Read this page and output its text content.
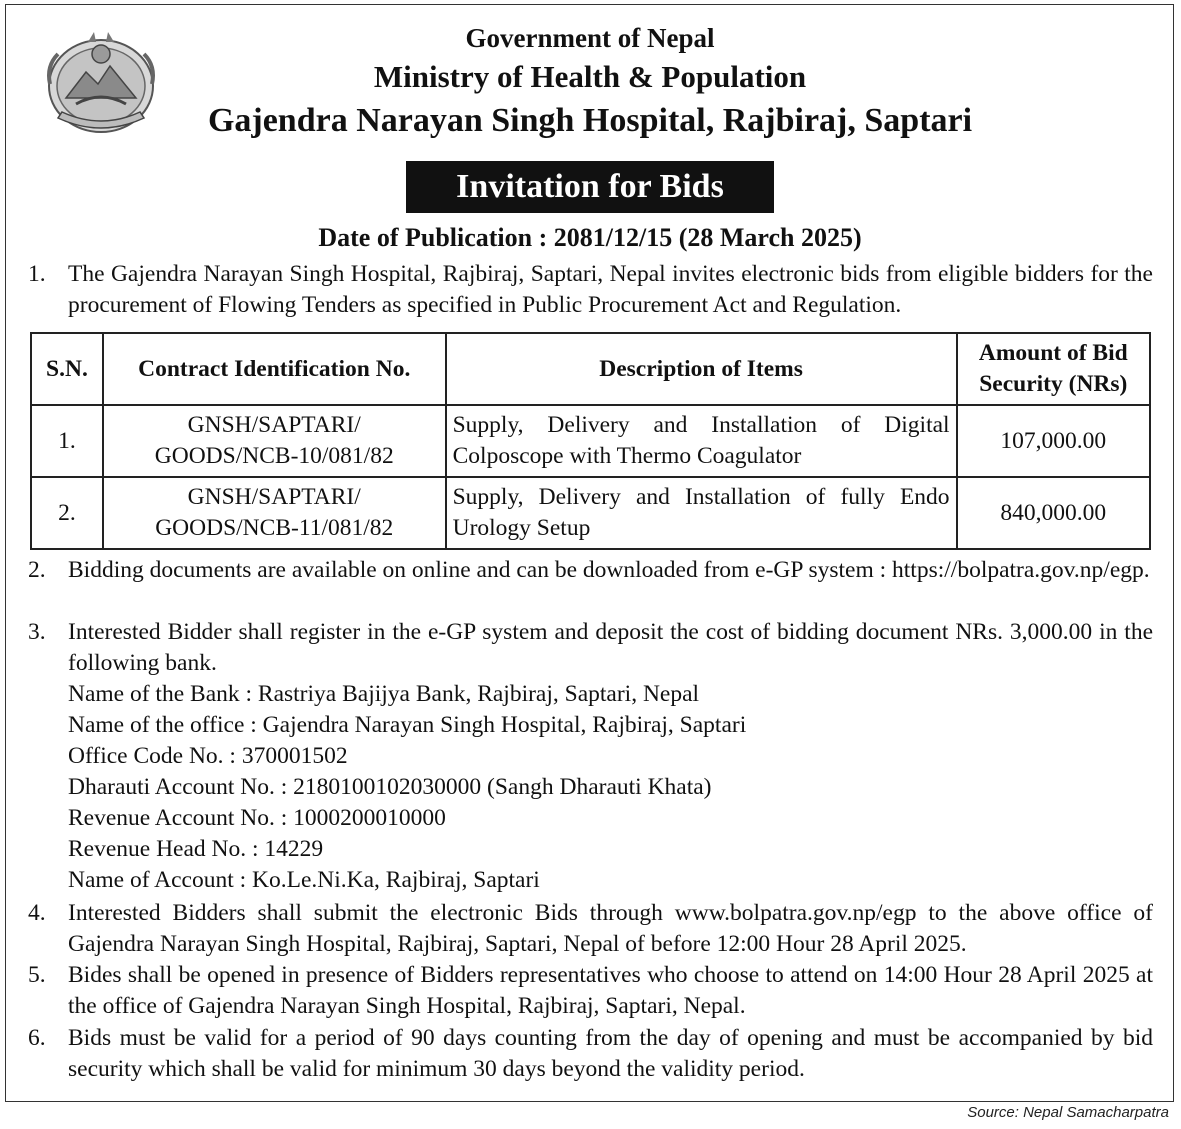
Government of Nepal
Ministry of Health & Population
Gajendra Narayan Singh Hospital, Rajbiraj, Saptari
Invitation for Bids
Date of Publication : 2081/12/15 (28 March 2025)
1. The Gajendra Narayan Singh Hospital, Rajbiraj, Saptari, Nepal invites electronic bids from eligible bidders for the procurement of Flowing Tenders as specified in Public Procurement Act and Regulation.
S.N.	Contract Identification No.	Description of Items	Amount of Bid
Security (NRs)
1.	GNSH/SAPTARI/
GOODS/NCB-10/081/82	Supply, Delivery and Installation of Digital Colposcope with Thermo Coagulator	107,000.00
2.	GNSH/SAPTARI/
GOODS/NCB-11/081/82	Supply, Delivery and Installation of fully Endo Urology Setup	840,000.00
2. Bidding documents are available on online and can be downloaded from e-GP system : https://bolpatra.gov.np/egp.
3. Interested Bidder shall register in the e-GP system and deposit the cost of bidding document NRs. 3,000.00 in the following bank.
Name of the Bank : Rastriya Bajijya Bank, Rajbiraj, Saptari, Nepal
Name of the office : Gajendra Narayan Singh Hospital, Rajbiraj, Saptari
Office Code No. : 370001502
Dharauti Account No. : 2180100102030000 (Sangh Dharauti Khata)
Revenue Account No. : 1000200010000
Revenue Head No. : 14229
Name of Account : Ko.Le.Ni.Ka, Rajbiraj, Saptari
4. Interested Bidders shall submit the electronic Bids through www.bolpatra.gov.np/egp to the above office of Gajendra Narayan Singh Hospital, Rajbiraj, Saptari, Nepal of before 12:00 Hour 28 April 2025.
5. Bides shall be opened in presence of Bidders representatives who choose to attend on 14:00 Hour 28 April 2025 at the office of Gajendra Narayan Singh Hospital, Rajbiraj, Saptari, Nepal.
6. Bids must be valid for a period of 90 days counting from the day of opening and must be accompanied by bid security which shall be valid for minimum 30 days beyond the validity period.
Source: Nepal Samacharpatra
